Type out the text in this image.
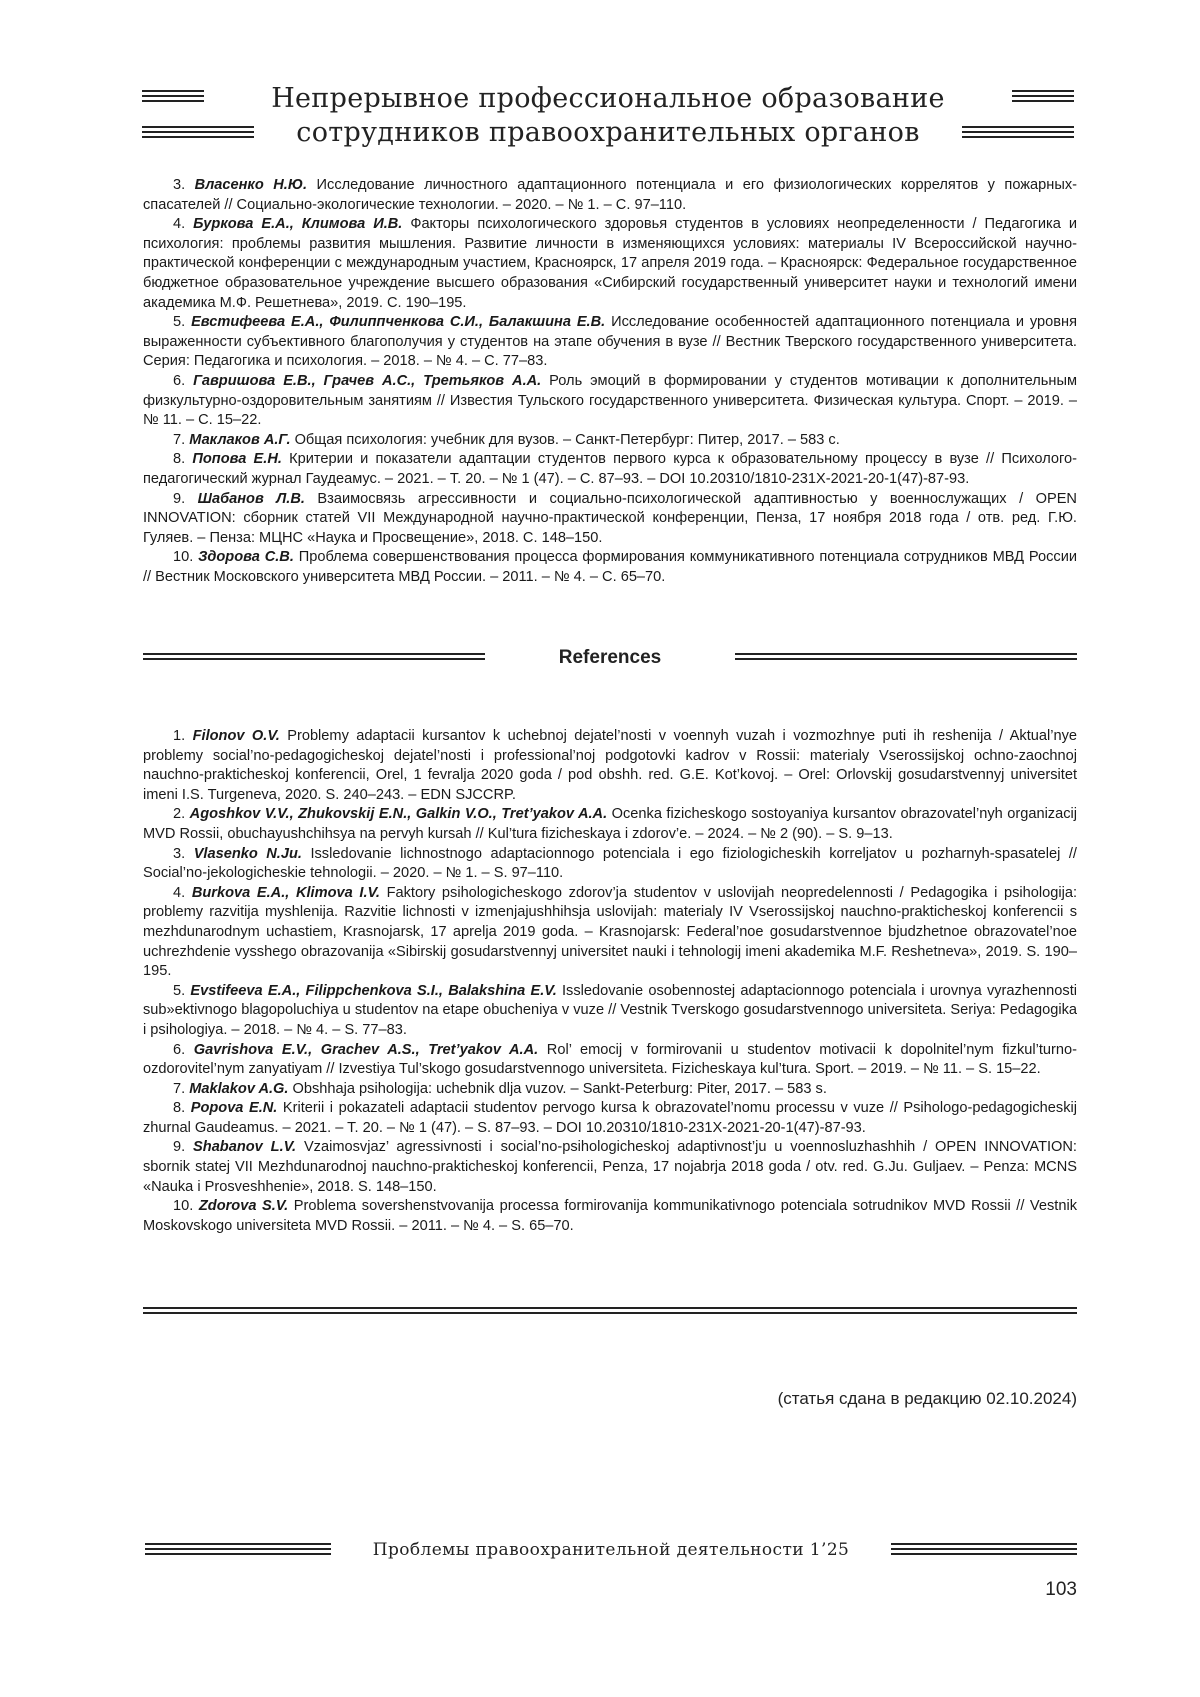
Непрерывное профессиональное образование
сотрудников правоохранительных органов

3. Власенко Н.Ю. Исследование личностного адаптационного потенциала и его физиологических коррелятов у пожарных-спасателей // Социально-экологические технологии. – 2020. – № 1. – С. 97–110.

4. Буркова Е.А., Климова И.В. Факторы психологического здоровья студентов в условиях неопределенности / Педагогика и психология: проблемы развития мышления. Развитие личности в изменяющихся условиях: материалы IV Всероссийской научно-практической конференции с международным участием, Красноярск, 17 апреля 2019 года. – Красноярск: Федеральное государственное бюджетное образовательное учреждение высшего образования «Сибирский государственный университет науки и технологий имени академика М.Ф. Решетнева», 2019. С. 190–195.

5. Евстифеева Е.А., Филиппченкова С.И., Балакшина Е.В. Исследование особенностей адаптационного потенциала и уровня выраженности субъективного благополучия у студентов на этапе обучения в вузе // Вестник Тверского государственного университета. Серия: Педагогика и психология. – 2018. – № 4. – С. 77–83.

6. Гавришова Е.В., Грачев А.С., Третьяков А.А. Роль эмоций в формировании у студентов мотивации к дополнительным физкультурно-оздоровительным занятиям // Известия Тульского государственного университета. Физическая культура. Спорт. – 2019. – № 11. – С. 15–22.

7. Маклаков А.Г. Общая психология: учебник для вузов. – Санкт-Петербург: Питер, 2017. – 583 с.

8. Попова Е.Н. Критерии и показатели адаптации студентов первого курса к образовательному процессу в вузе // Психолого-педагогический журнал Гаудеамус. – 2021. – Т. 20. – № 1 (47). – С. 87–93. – DOI 10.20310/1810-231X-2021-20-1(47)-87-93.

9. Шабанов Л.В. Взаимосвязь агрессивности и социально-психологической адаптивностью у военнослужащих / OPEN INNOVATION: сборник статей VII Международной научно-практической конференции, Пенза, 17 ноября 2018 года / отв. ред. Г.Ю. Гуляев. – Пенза: МЦНС «Наука и Просвещение», 2018. С. 148–150.

10. Здорова С.В. Проблема совершенствования процесса формирования коммуникативного потенциала сотрудников МВД России // Вестник Московского университета МВД России. – 2011. – № 4. – С. 65–70.

References

1. Filonov O.V. Problemy adaptacii kursantov k uchebnoj dejatel’nosti v voennyh vuzah i vozmozhnye puti ih reshenija / Aktual’nye problemy social’no-pedagogicheskoj dejatel’nosti i professional’noj podgotovki kadrov v Rossii: materialy Vserossijskoj ochno-zaochnoj nauchno-prakticheskoj konferencii, Orel, 1 fevralja 2020 goda / pod obshh. red. G.E. Kot’kovoj. – Orel: Orlovskij gosudarstvennyj universitet imeni I.S. Turgeneva, 2020. S. 240–243. – EDN SJCCRP.

2. Agoshkov V.V., Zhukovskij E.N., Galkin V.O., Tret’yakov A.A. Ocenka fizicheskogo sostoyaniya kursantov obrazovatel’nyh organizacij MVD Rossii, obuchayushchihsya na pervyh kursah // Kul’tura fizicheskaya i zdorov’e. – 2024. – № 2 (90). – S. 9–13.

3. Vlasenko N.Ju. Issledovanie lichnostnogo adaptacionnogo potenciala i ego fiziologicheskih korreljatov u pozharnyh-spasatelej // Social’no-jekologicheskie tehnologii. – 2020. – № 1. – S. 97–110.

4. Burkova E.A., Klimova I.V. Faktory psihologicheskogo zdorov’ja studentov v uslovijah neopredelennosti / Pedagogika i psihologija: problemy razvitija myshlenija. Razvitie lichnosti v izmenjajushhihsja uslovijah: materialy IV Vserossijskoj nauchno-prakticheskoj konferencii s mezhdunarodnym uchastiem, Krasnojarsk, 17 aprelja 2019 goda. – Krasnojarsk: Federal’noe gosudarstvennoe bjudzhetnoe obrazovatel’noe uchrezhdenie vysshego obrazovanija «Sibirskij gosudarstvennyj universitet nauki i tehnologij imeni akademika M.F. Reshetneva», 2019. S. 190–195.

5. Evstifeeva E.A., Filippchenkova S.I., Balakshina E.V. Issledovanie osobennostej adaptacionnogo potenciala i urovnya vyrazhennosti sub»ektivnogo blagopoluchiya u studentov na etape obucheniya v vuze // Vestnik Tverskogo gosudarstvennogo universiteta. Seriya: Pedagogika i psihologiya. – 2018. – № 4. – S. 77–83.

6. Gavrishova E.V., Grachev A.S., Tret’yakov A.A. Rol’ emocij v formirovanii u studentov motivacii k dopolnitel’nym fizkul’turno-ozdorovitel’nym zanyatiyam // Izvestiya Tul’skogo gosudarstvennogo universiteta. Fizicheskaya kul’tura. Sport. – 2019. – № 11. – S. 15–22.

7. Maklakov A.G. Obshhaja psihologija: uchebnik dlja vuzov. – Sankt-Peterburg: Piter, 2017. – 583 s.

8. Popova E.N. Kriterii i pokazateli adaptacii studentov pervogo kursa k obrazovatel’nomu processu v vuze // Psihologo-pedagogicheskij zhurnal Gaudeamus. – 2021. – T. 20. – № 1 (47). – S. 87–93. – DOI 10.20310/1810-231X-2021-20-1(47)-87-93.

9. Shabanov L.V. Vzaimosvjaz’ agressivnosti i social’no-psihologicheskoj adaptivnost’ju u voennosluzhashhih / OPEN INNOVATION: sbornik statej VII Mezhdunarodnoj nauchno-prakticheskoj konferencii, Penza, 17 nojabrja 2018 goda / otv. red. G.Ju. Guljaev. – Penza: MCNS «Nauka i Prosveshhenie», 2018. S. 148–150.

10. Zdorova S.V. Problema sovershenstvovanija processa formirovanija kommunikativnogo potenciala sotrudnikov MVD Rossii // Vestnik Moskovskogo universiteta MVD Rossii. – 2011. – № 4. – S. 65–70.

(статья сдана в редакцию 02.10.2024)
Проблемы правоохранительной деятельности 1’25
103
